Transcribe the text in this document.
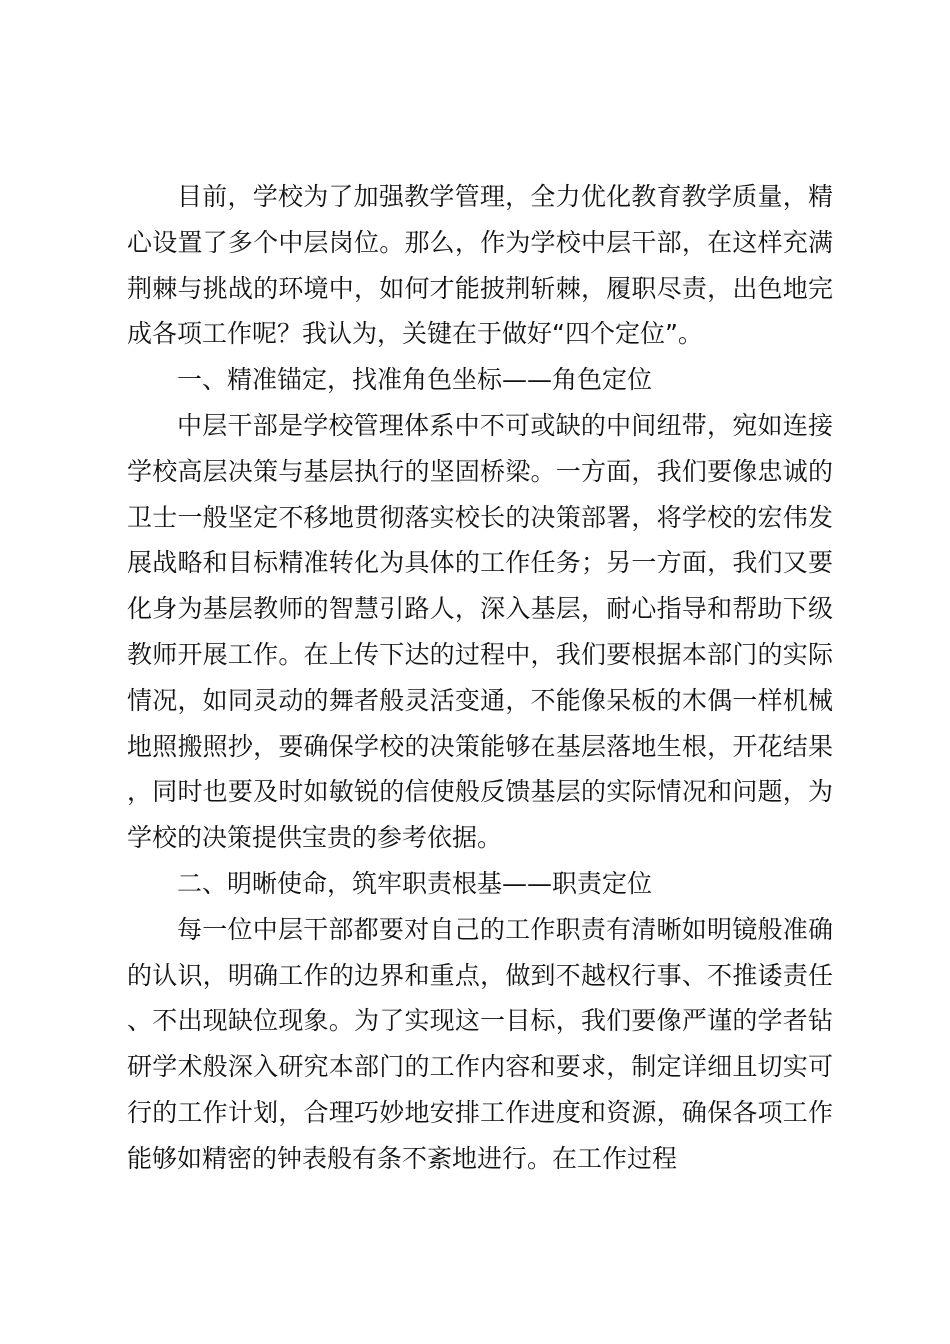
目前，学校为了加强教学管理，全力优化教育教学质量，精心设置了多个中层岗位。那么，作为学校中层干部，在这样充满荆棘与挑战的环境中，如何才能披荆斩棘，履职尽责，出色地完成各项工作呢？我认为，关键在于做好“四个定位”。

一、精准锚定，找准角色坐标——角色定位

中层干部是学校管理体系中不可或缺的中间纽带，宛如连接学校高层决策与基层执行的坚固桥梁。一方面，我们要像忠诚的卫士一般坚定不移地贯彻落实校长的决策部署，将学校的宏伟发展战略和目标精准转化为具体的工作任务；另一方面，我们又要化身为基层教师的智慧引路人，深入基层，耐心指导和帮助下级教师开展工作。在上传下达的过程中，我们要根据本部门的实际情况，如同灵动的舞者般灵活变通，不能像呆板的木偶一样机械地照搬照抄，要确保学校的决策能够在基层落地生根，开花结果，同时也要及时如敏锐的信使般反馈基层的实际情况和问题，为学校的决策提供宝贵的参考依据。

二、明晰使命，筑牢职责根基——职责定位

每一位中层干部都要对自己的工作职责有清晰如明镜般准确的认识，明确工作的边界和重点，做到不越权行事、不推诿责任、不出现缺位现象。为了实现这一目标，我们要像严谨的学者钻研学术般深入研究本部门的工作内容和要求，制定详细且切实可行的工作计划，合理巧妙地安排工作进度和资源，确保各项工作能够如精密的钟表般有条不紊地进行。在工作过程
